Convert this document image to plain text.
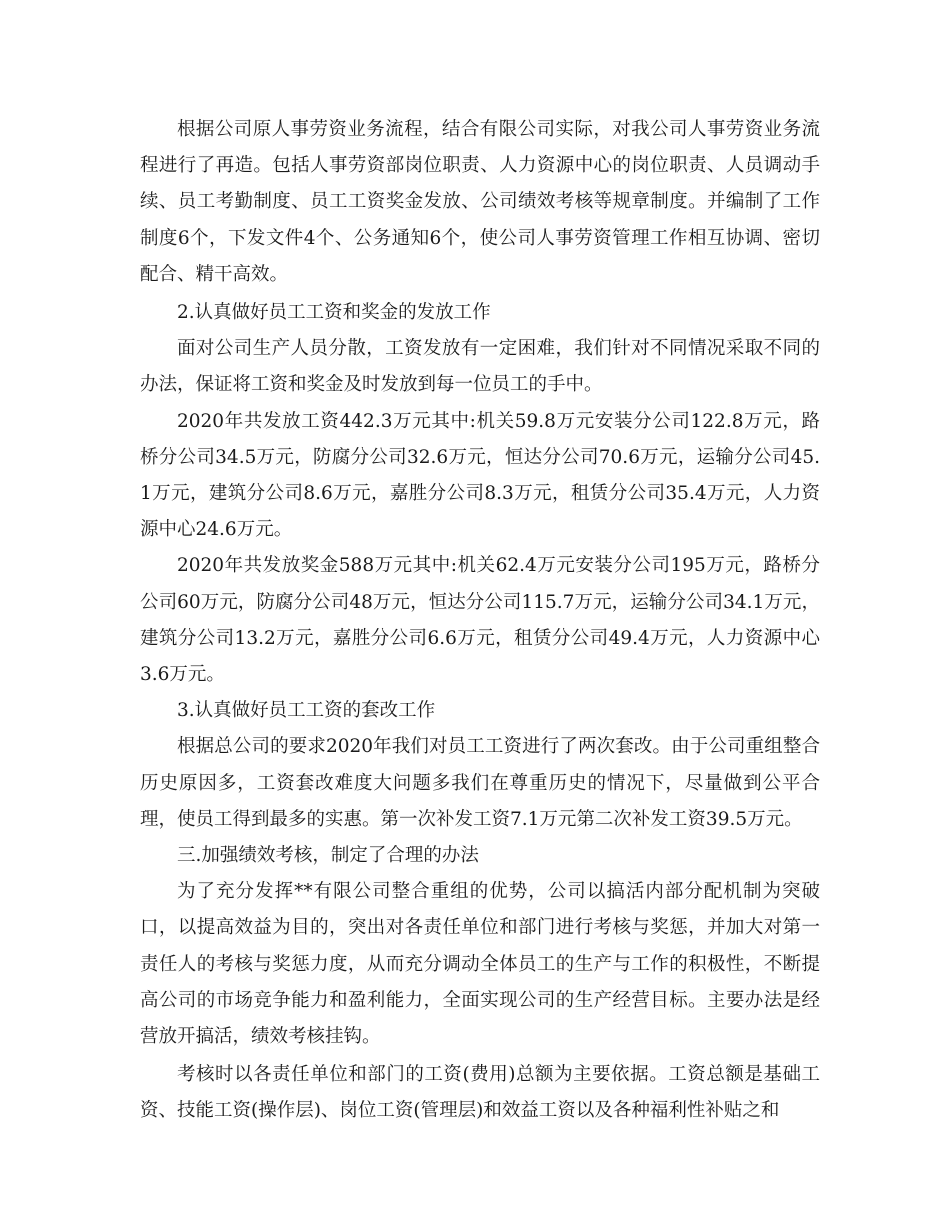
根据公司原人事劳资业务流程，结合有限公司实际，对我公司人事劳资业务流程进行了再造。包括人事劳资部岗位职责、人力资源中心的岗位职责、人员调动手续、员工考勤制度、员工工资奖金发放、公司绩效考核等规章制度。并编制了工作制度6个，下发文件4个、公务通知6个，使公司人事劳资管理工作相互协调、密切配合、精干高效。

2.认真做好员工工资和奖金的发放工作

面对公司生产人员分散，工资发放有一定困难，我们针对不同情况采取不同的办法，保证将工资和奖金及时发放到每一位员工的手中。

2020年共发放工资442.3万元其中:机关59.8万元安装分公司122.8万元，路桥分公司34.5万元，防腐分公司32.6万元，恒达分公司70.6万元，运输分公司45.1万元，建筑分公司8.6万元，嘉胜分公司8.3万元，租赁分公司35.4万元，人力资源中心24.6万元。

2020年共发放奖金588万元其中:机关62.4万元安装分公司195万元，路桥分公司60万元，防腐分公司48万元，恒达分公司115.7万元，运输分公司34.1万元，建筑分公司13.2万元，嘉胜分公司6.6万元，租赁分公司49.4万元，人力资源中心3.6万元。

3.认真做好员工工资的套改工作

根据总公司的要求2020年我们对员工工资进行了两次套改。由于公司重组整合历史原因多，工资套改难度大问题多我们在尊重历史的情况下，尽量做到公平合理，使员工得到最多的实惠。第一次补发工资7.1万元第二次补发工资39.5万元。

三.加强绩效考核，制定了合理的办法

为了充分发挥**有限公司整合重组的优势，公司以搞活内部分配机制为突破口，以提高效益为目的，突出对各责任单位和部门进行考核与奖惩，并加大对第一责任人的考核与奖惩力度，从而充分调动全体员工的生产与工作的积极性，不断提高公司的市场竞争能力和盈利能力，全面实现公司的生产经营目标。主要办法是经营放开搞活，绩效考核挂钩。

考核时以各责任单位和部门的工资(费用)总额为主要依据。工资总额是基础工资、技能工资(操作层)、岗位工资(管理层)和效益工资以及各种福利性补贴之和
